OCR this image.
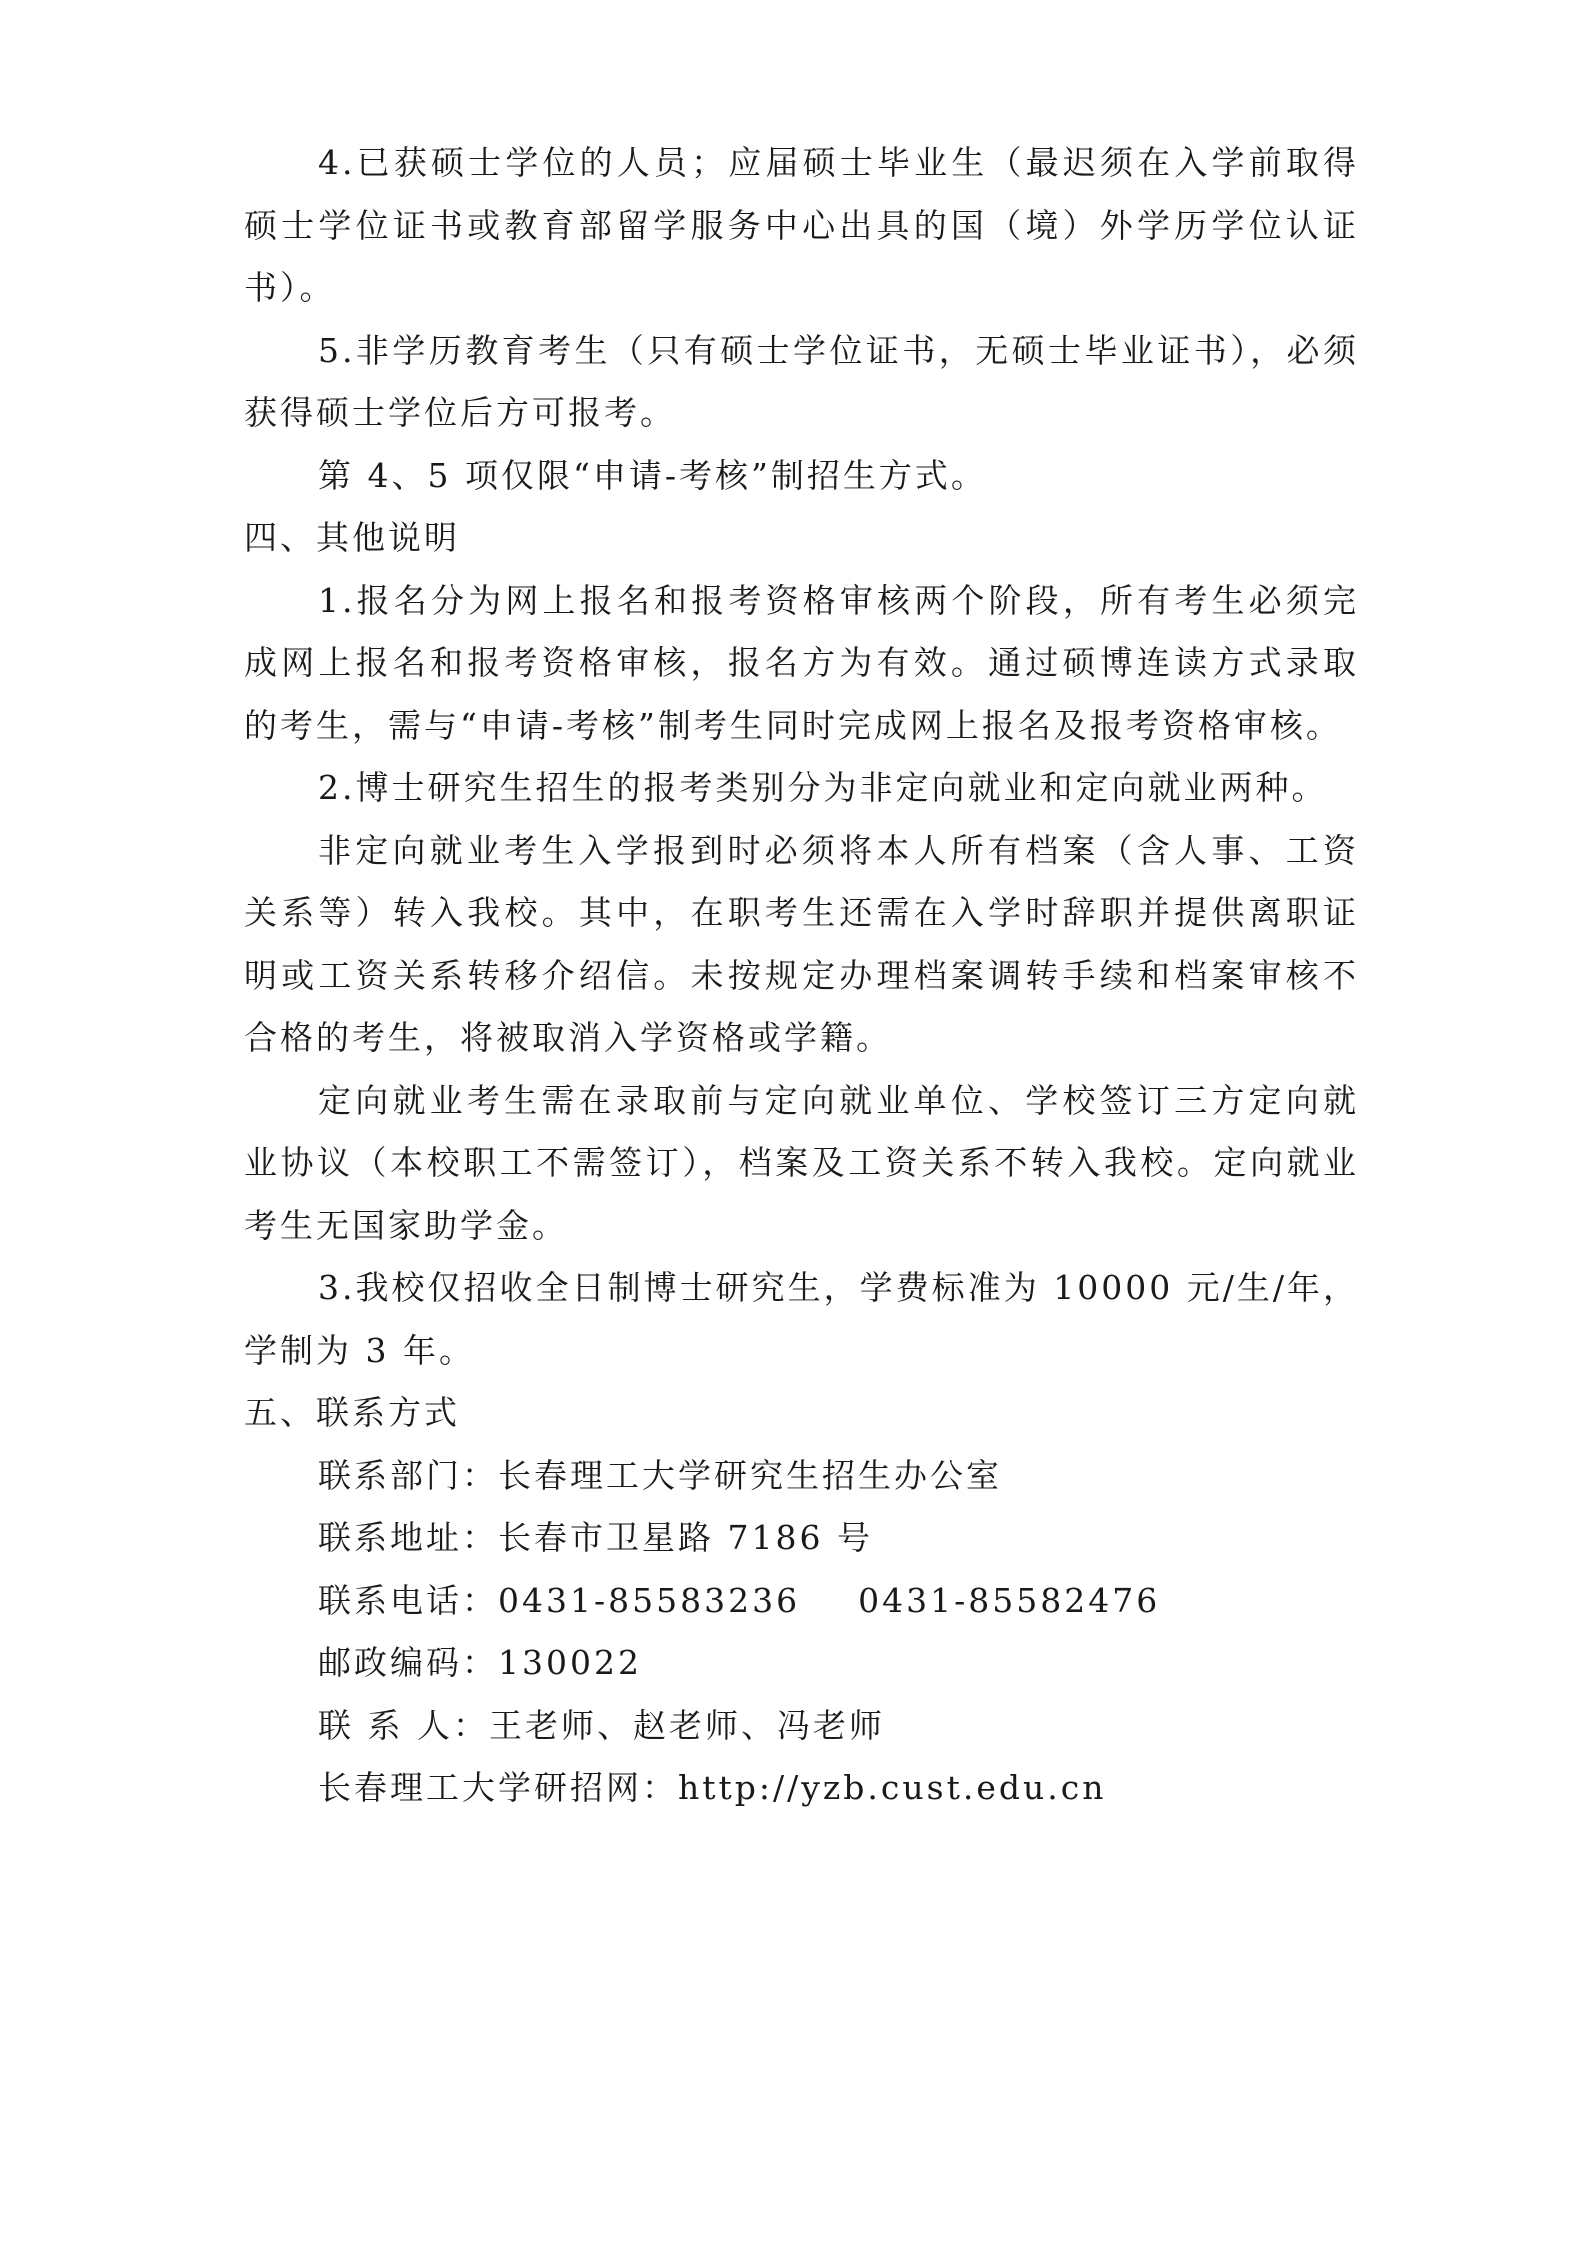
4.已获硕士学位的人员；应届硕士毕业生（最迟须在入学前取得硕士学位证书或教育部留学服务中心出具的国（境）外学历学位认证书）。

5.非学历教育考生（只有硕士学位证书，无硕士毕业证书），必须获得硕士学位后方可报考。

第 4、5 项仅限“申请-考核”制招生方式。

四、其他说明

1.报名分为网上报名和报考资格审核两个阶段，所有考生必须完成网上报名和报考资格审核，报名方为有效。通过硕博连读方式录取的考生，需与“申请-考核”制考生同时完成网上报名及报考资格审核。

2.博士研究生招生的报考类别分为非定向就业和定向就业两种。

非定向就业考生入学报到时必须将本人所有档案（含人事、工资关系等）转入我校。其中，在职考生还需在入学时辞职并提供离职证明或工资关系转移介绍信。未按规定办理档案调转手续和档案审核不合格的考生，将被取消入学资格或学籍。

定向就业考生需在录取前与定向就业单位、学校签订三方定向就业协议（本校职工不需签订），档案及工资关系不转入我校。定向就业考生无国家助学金。

3.我校仅招收全日制博士研究生，学费标准为 10000 元/生/年，学制为 3 年。

五、联系方式
联系部门：长春理工大学研究生招生办公室
联系地址：长春市卫星路 7186 号
联系电话：0431-85583236 0431-85582476
邮政编码：130022
联 系 人：王老师、赵老师、冯老师
长春理工大学研招网：http://yzb.cust.edu.cn
